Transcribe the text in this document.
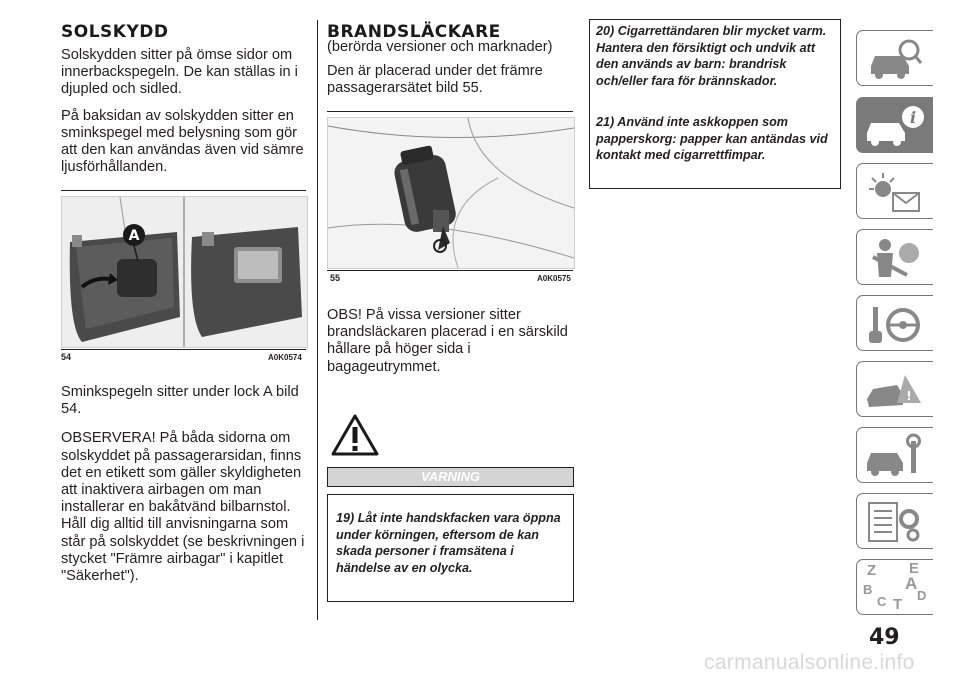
SOLSKYDD

Solskydden sitter på ömse sidor om innerbackspegeln. De kan ställas in i djupled och sidled.

På baksidan av solskydden sitter en sminkspegel med belysning som gör att den kan användas även vid sämre ljusförhållanden.

A
54	A0K0574

Sminkspegeln sitter under lock A bild 54.

OBSERVERA! På båda sidorna om solskyddet på passagerarsidan, finns det en etikett som gäller skyldigheten att inaktivera airbagen om man installerar en bakåtvänd bilbarnstol. Håll dig alltid till anvisningarna som står på solskyddet (se beskrivningen i stycket "Främre airbagar" i kapitlet "Säkerhet").

BRANDSLÄCKARE

(berörda versioner och marknader)

Den är placerad under det främre passagerarsätet bild 55.

55	A0K0575

OBS! På vissa versioner sitter brandsläckaren placerad i en särskild hållare på höger sida i bagageutrymmet.

VARNING
19) Låt inte handskfacken vara öppna under körningen, eftersom de kan skada personer i framsätena i händelse av en olycka.
20) Cigarrettändaren blir mycket varm. Hantera den försiktigt och undvik att den används av barn: brandrisk och/eller fara för brännskador.
21) Använd inte askkoppen som papperskorg: papper kan antändas vid kontakt med cigarrettfimpar.
i
!
Z E
A
B
C T
D
49
carmanualsonline.info
